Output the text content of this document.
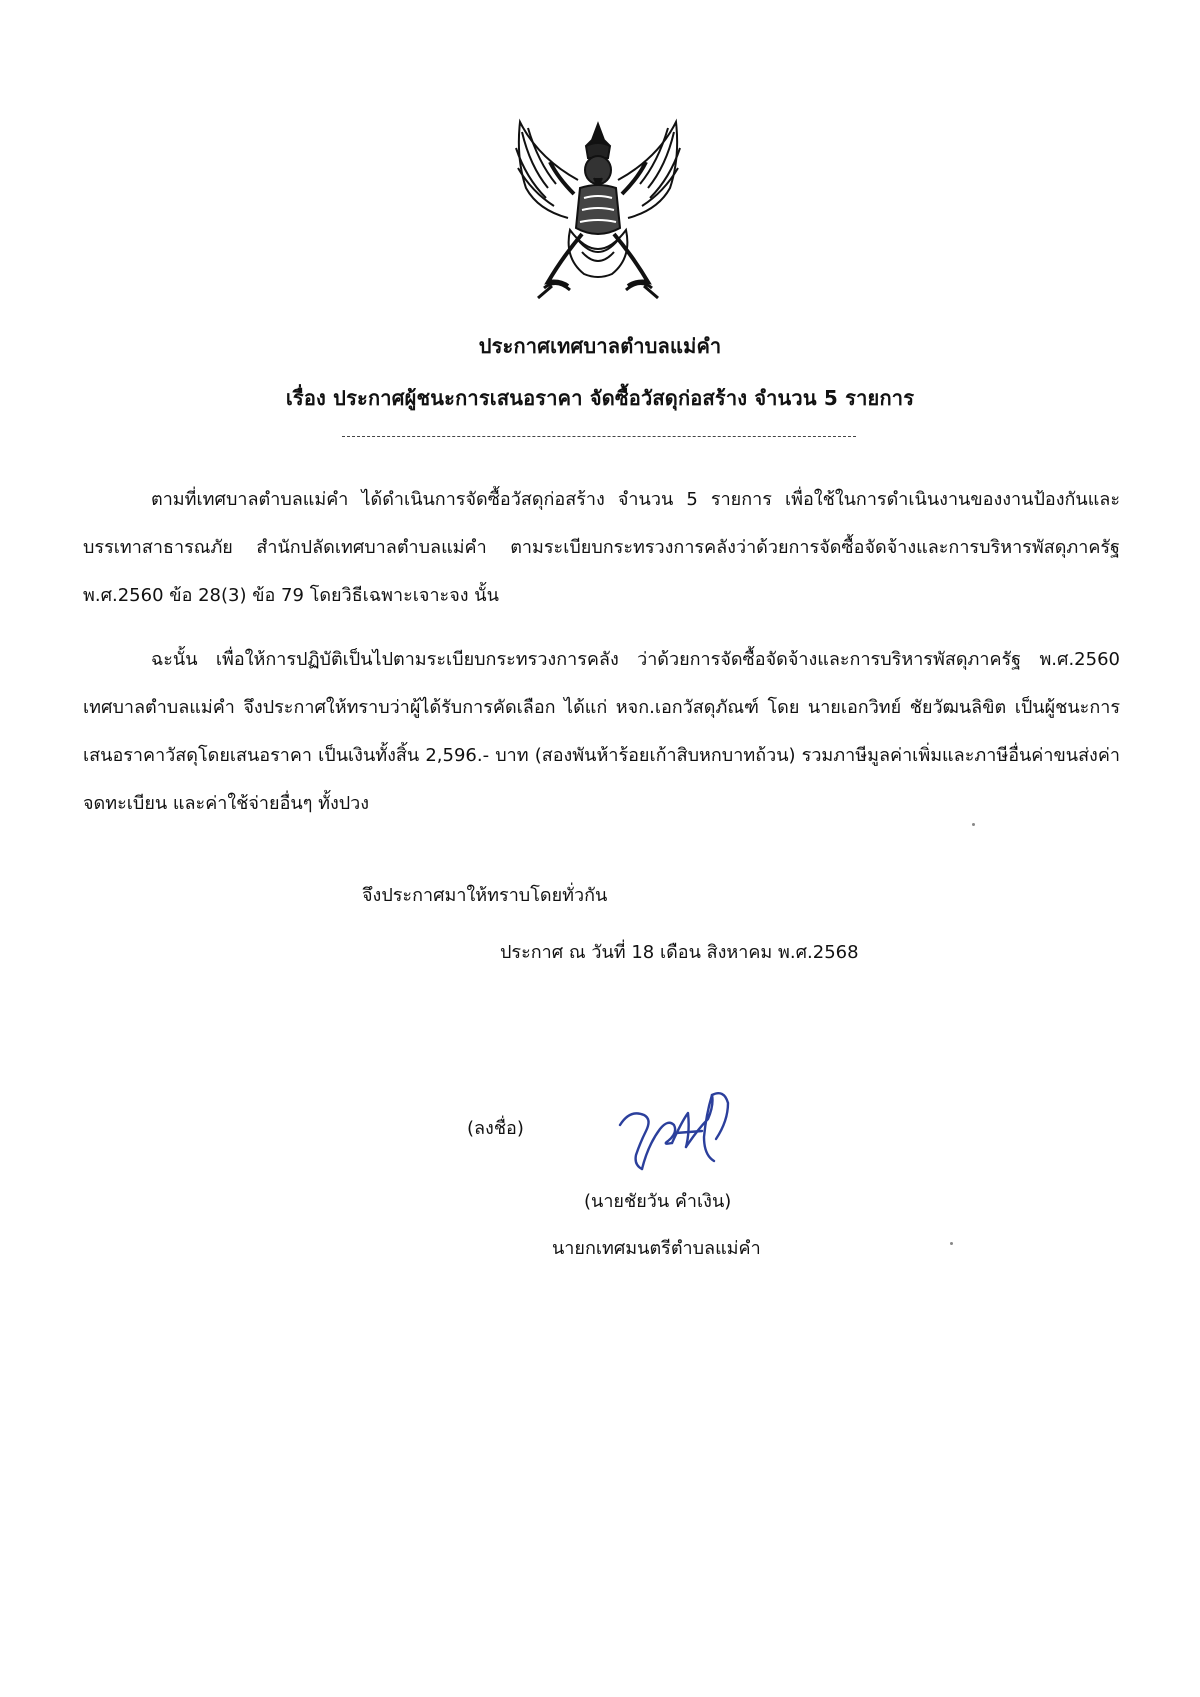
ประกาศเทศบาลตำบลแม่คำ
เรื่อง ประกาศผู้ชนะการเสนอราคา จัดซื้อวัสดุก่อสร้าง จำนวน 5 รายการ

ตามที่เทศบาลตำบลแม่คำ ได้ดำเนินการจัดซื้อวัสดุก่อสร้าง จำนวน 5 รายการ เพื่อใช้ในการดำเนินงานของงานป้องกันและบรรเทาสาธารณภัย สำนักปลัดเทศบาลตำบลแม่คำ ตามระเบียบกระทรวงการคลังว่าด้วยการจัดซื้อจัดจ้างและการบริหารพัสดุภาครัฐ พ.ศ.2560 ข้อ 28(3) ข้อ 79 โดยวิธีเฉพาะเจาะจง นั้น

ฉะนั้น เพื่อให้การปฏิบัติเป็นไปตามระเบียบกระทรวงการคลัง ว่าด้วยการจัดซื้อจัดจ้างและการบริหารพัสดุภาครัฐ พ.ศ.2560 เทศบาลตำบลแม่คำ จึงประกาศให้ทราบว่าผู้ได้รับการคัดเลือก ได้แก่ หจก.เอกวัสดุภัณฑ์ โดย นายเอกวิทย์ ชัยวัฒนลิขิต เป็นผู้ชนะการเสนอราคาวัสดุโดยเสนอราคา เป็นเงินทั้งสิ้น 2,596.- บาท (สองพันห้าร้อยเก้าสิบหกบาทถ้วน) รวมภาษีมูลค่าเพิ่มและภาษีอื่นค่าขนส่งค่าจดทะเบียน และค่าใช้จ่ายอื่นๆ ทั้งปวง

จึงประกาศมาให้ทราบโดยทั่วกัน
ประกาศ ณ วันที่ 18 เดือน สิงหาคม พ.ศ.2568
(ลงชื่อ)
(นายชัยวัน คำเงิน)
นายกเทศมนตรีตำบลแม่คำ
